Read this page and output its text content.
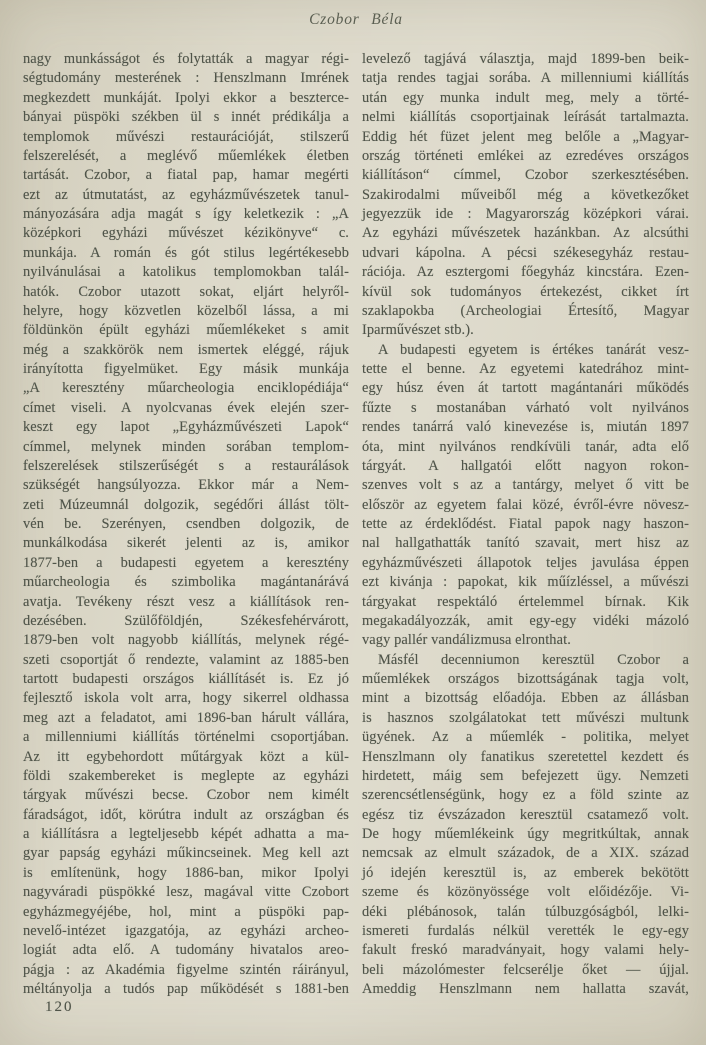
Czobor Béla
nagy munkásságot és folytatták a magyar régi-
ségtudomány mesterének : Henszlmann Imrének
megkezdett munkáját. Ipolyi ekkor a beszterce-
bányai püspöki székben ül s innét prédikálja a
templomok művészi restaurációját, stilszerű
felszerelését, a meglévő műemlékek életben
tartását. Czobor, a fiatal pap, hamar megérti
ezt az útmutatást, az egyházművészetek tanul-
mányozására adja magát s így keletkezik : „A
középkori egyházi művészet kézikönyve“ c.
munkája. A román és gót stilus legértékesebb
nyilvánulásai a katolikus templomokban talál-
hatók. Czobor utazott sokat, eljárt helyről-
helyre, hogy közvetlen közelből lássa, a mi
földünkön épült egyházi műemlékeket s amit
még a szakkörök nem ismertek eléggé, rájuk
irányította figyelmüket. Egy másik munkája
„A keresztény műarcheologia enciklopédiája“
címet viseli. A nyolcvanas évek elején szer-
keszt egy lapot „Egyházművészeti Lapok“
címmel, melynek minden sorában templom-
felszerelések stilszerűségét s a restaurálások
szükségét hangsúlyozza. Ekkor már a Nem-
zeti Múzeumnál dolgozik, segédőri állást tölt-
vén be. Szerényen, csendben dolgozik, de
munkálkodása sikerét jelenti az is, amikor
1877-ben a budapesti egyetem a keresztény
műarcheologia és szimbolika magántanárává
avatja. Tevékeny részt vesz a kiállítások ren-
dezésében. Szülőföldjén, Székesfehérvárott,
1879-ben volt nagyobb kiállítás, melynek régé-
szeti csoportját ő rendezte, valamint az 1885-ben
tartott budapesti országos kiállításét is. Ez jó
fejlesztő iskola volt arra, hogy sikerrel oldhassa
meg azt a feladatot, ami 1896-ban hárult vállára,
a millenniumi kiállítás történelmi csoportjában.
Az itt egybehordott műtárgyak közt a kül-
földi szakembereket is meglepte az egyházi
tárgyak művészi becse. Czobor nem kimélt
fáradságot, időt, körútra indult az országban és
a kiállításra a legteljesebb képét adhatta a ma-
gyar papság egyházi műkincseinek. Meg kell azt
is említenünk, hogy 1886-ban, mikor Ipolyi
nagyváradi püspökké lesz, magával vitte Czobort
egyházmegyéjébe, hol, mint a püspöki pap-
nevelő-intézet igazgatója, az egyházi archeo-
logiát adta elő. A tudomány hivatalos areo-
págja : az Akadémia figyelme szintén ráirányul,
méltányolja a tudós pap működését s 1881-ben
levelező tagjává választja, majd 1899-ben beik-
tatja rendes tagjai sorába. A millenniumi kiállítás
után egy munka indult meg, mely a törté-
nelmi kiállítás csoportjainak leírását tartalmazta.
Eddig hét füzet jelent meg belőle a „Magyar-
ország történeti emlékei az ezredéves országos
kiállításon“ címmel, Czobor szerkesztésében.
Szakirodalmi műveiből még a következőket
jegyezzük ide : Magyarország középkori várai.
Az egyházi művészetek hazánkban. Az alcsúthi
udvari kápolna. A pécsi székesegyház restau-
rációja. Az esztergomi főegyház kincstára. Ezen-
kívül sok tudományos értekezést, cikket írt
szaklapokba (Archeologiai Értesítő, Magyar
Iparművészet stb.).
A budapesti egyetem is értékes tanárát vesz-
tette el benne. Az egyetemi katedrához mint-
egy húsz éven át tartott magántanári működés
fűzte s mostanában várható volt nyilvános
rendes tanárrá való kinevezése is, miután 1897
óta, mint nyilvános rendkívüli tanár, adta elő
tárgyát. A hallgatói előtt nagyon rokon-
szenves volt s az a tantárgy, melyet ő vitt be
először az egyetem falai közé, évről-évre növesz-
tette az érdeklődést. Fiatal papok nagy haszon-
nal hallgathatták tanító szavait, mert hisz az
egyházművészeti állapotok teljes javulása éppen
ezt kivánja : papokat, kik műízléssel, a művészi
tárgyakat respektáló értelemmel bírnak. Kik
megakadályozzák, amit egy-egy vidéki mázoló
vagy pallér vandálizmusa elronthat.
Másfél decenniumon keresztül Czobor a
műemlékek országos bizottságának tagja volt,
mint a bizottság előadója. Ebben az állásban
is hasznos szolgálatokat tett művészi multunk
ügyének. Az a műemlék - politika, melyet
Henszlmann oly fanatikus szeretettel kezdett és
hirdetett, máig sem befejezett ügy. Nemzeti
szerencsétlenségünk, hogy ez a föld szinte az
egész tiz évszázadon keresztül csatamező volt.
De hogy műemlékeink úgy megritkúltak, annak
nemcsak az elmult századok, de a XIX. század
jó idején keresztül is, az emberek bekötött
szeme és közönyössége volt előidézője. Vi-
déki plébánosok, talán túlbuzgóságból, lelki-
ismereti furdalás nélkül verették le egy-egy
fakult freskó maradványait, hogy valami hely-
beli mázolómester felcserélje őket — újjal.
Ameddig Henszlmann nem hallatta szavát,
120
